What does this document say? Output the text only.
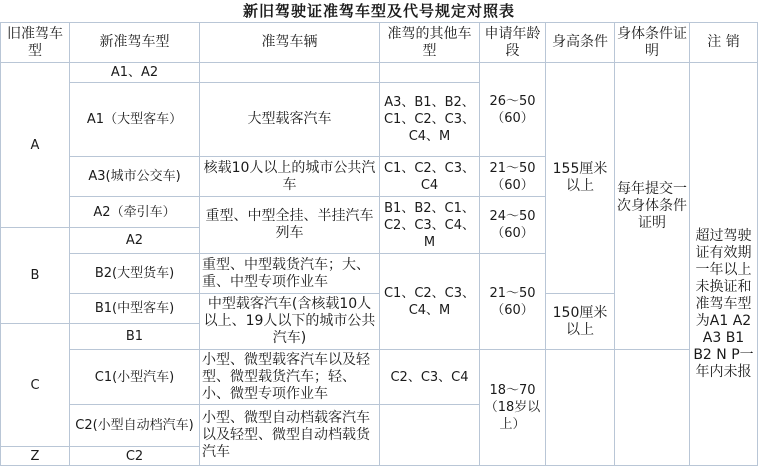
新旧驾驶证准驾车型及代号规定对照表
旧准驾车型
新准驾车型	准驾车辆
准驾的其他车型
申请年龄段
身高条件
身体条件证明
注 销
A
B
C
Z
A1、A2
A1（大型客车）
A3(城市公交车)
A2（牵引车）
A2
B2(大型货车)
B1(中型客车)
B1
C1(小型汽车)
C2(小型自动档汽车)
C2
大型载客汽车
核载10人以上的城市公共汽车
重型、中型全挂、半挂汽车列车
重型、中型载货汽车；大、重、中型专项作业车
中型载客汽车(含核载10人以上、19人以下的城市公共汽车)
小型、微型载客汽车以及轻型、微型载货汽车；轻、小、微型专项作业车
小型、微型自动档载客汽车以及轻型、微型自动档载货汽车
A3、B1、B2、C1、C2、C3、C4、M
C1、C2、C3、C4
B1、B2、C1、C2、C3、C4、M
C1、C2、C3、C4、M
C2、C3、C4
26～50（60）
21～50（60）
24～50（60）
21～50（60）
18～70（18岁以上）
155厘米以上
150厘米以上
每年提交一次身体条件证明
超过驾驶证有效期一年以上未换证和准驾车型为A1 A2 A3 B1 B2 N P一年内未报
